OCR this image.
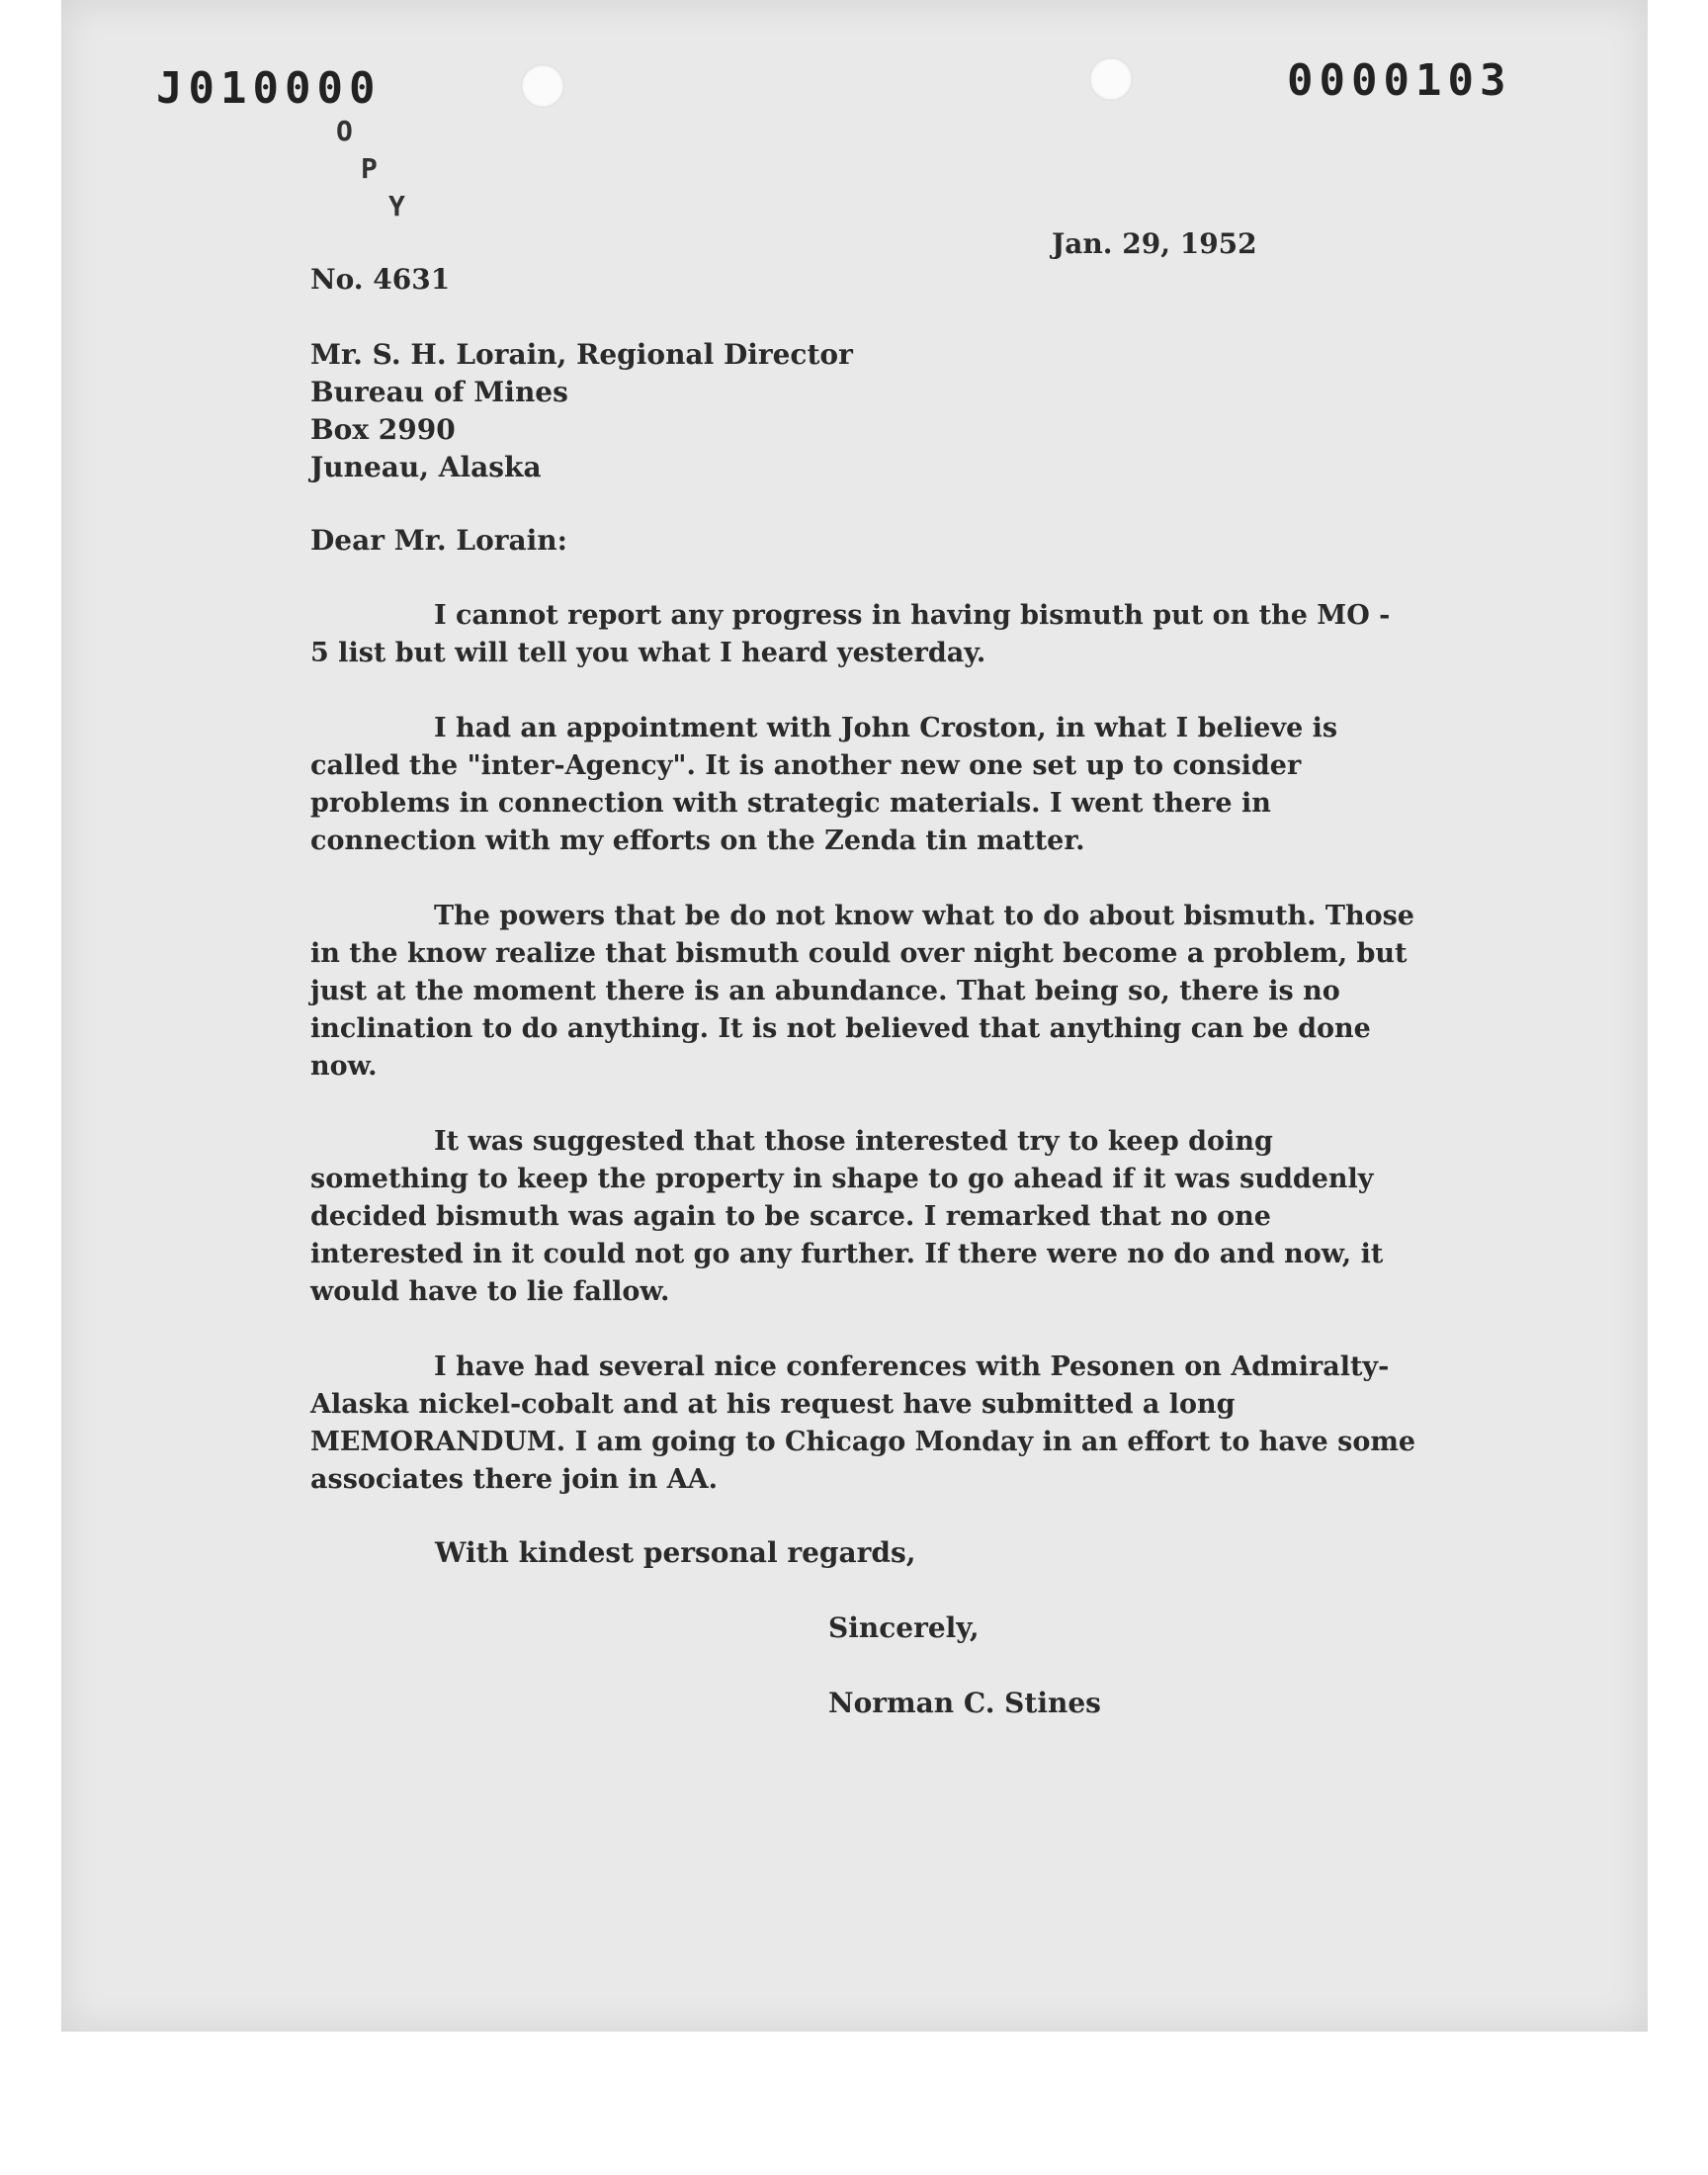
J010000	0000103
O
P
Y
Jan. 29, 1952
No. 4631
Mr. S. H. Lorain, Regional Director
Bureau of Mines
Box 2990
Juneau, Alaska
Dear Mr. Lorain:

I cannot report any progress in having bismuth put on the MO - 5 list but will tell you what I heard yesterday.

I had an appointment with John Croston, in what I believe is called the "inter-Agency". It is another new one set up to consider problems in connection with strategic materials. I went there in connection with my efforts on the Zenda tin matter.

The powers that be do not know what to do about bismuth. Those in the know realize that bismuth could over night become a problem, but just at the moment there is an abundance. That being so, there is no inclination to do anything. It is not believed that anything can be done now.

It was suggested that those interested try to keep doing something to keep the property in shape to go ahead if it was suddenly decided bismuth was again to be scarce. I remarked that no one interested in it could not go any further. If there were no do and now, it would have to lie fallow.

I have had several nice conferences with Pesonen on Admiralty-Alaska nickel-cobalt and at his request have submitted a long MEMORANDUM. I am going to Chicago Monday in an effort to have some associates there join in AA.

With kindest personal regards,
Sincerely,
Norman C. Stines
